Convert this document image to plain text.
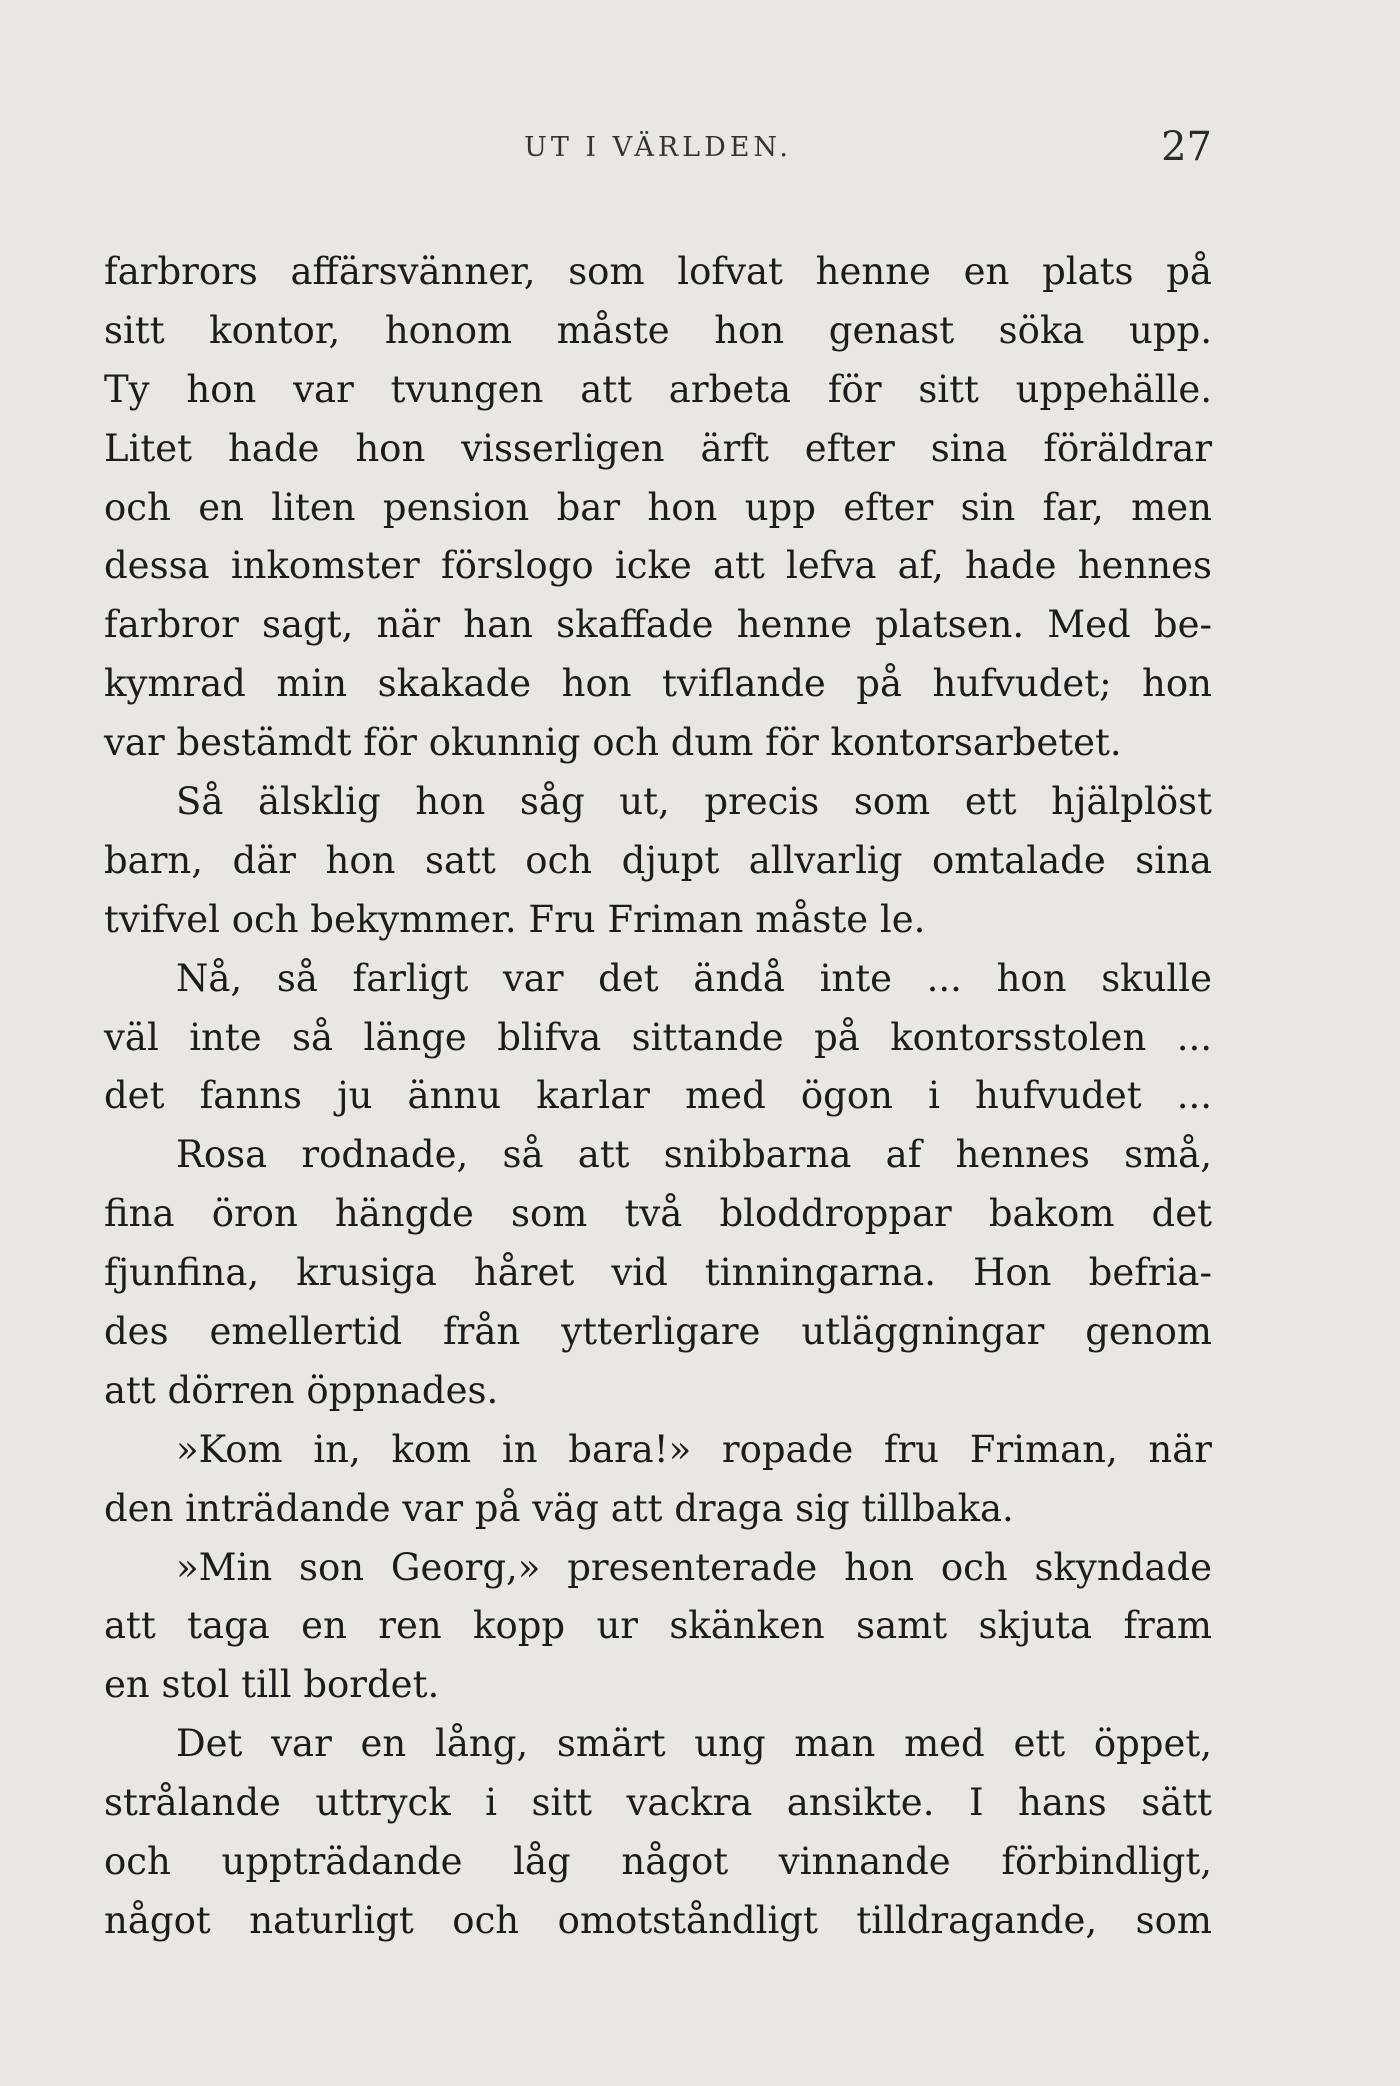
UT I VÄRLDEN.	27
farbrors affärsvänner, som lofvat henne en plats på
sitt kontor, honom måste hon genast söka upp.
Ty hon var tvungen att arbeta för sitt uppehälle.
Litet hade hon visserligen ärft efter sina föräldrar
och en liten pension bar hon upp efter sin far, men
dessa inkomster förslogo icke att lefva af, hade hennes
farbror sagt, när han skaffade henne platsen. Med be-
kymrad min skakade hon tviflande på hufvudet; hon
var bestämdt för okunnig och dum för kontorsarbetet.
Så älsklig hon såg ut, precis som ett hjälplöst
barn, där hon satt och djupt allvarlig omtalade sina
tvifvel och bekymmer. Fru Friman måste le.
Nå, så farligt var det ändå inte ... hon skulle
väl inte så länge blifva sittande på kontorsstolen ...
det fanns ju ännu karlar med ögon i hufvudet ...
Rosa rodnade, så att snibbarna af hennes små,
fina öron hängde som två bloddroppar bakom det
fjunfina, krusiga håret vid tinningarna. Hon befria-
des emellertid från ytterligare utläggningar genom
att dörren öppnades.
»Kom in, kom in bara!» ropade fru Friman, när
den inträdande var på väg att draga sig tillbaka.
»Min son Georg,» presenterade hon och skyndade
att taga en ren kopp ur skänken samt skjuta fram
en stol till bordet.
Det var en lång, smärt ung man med ett öppet,
strålande uttryck i sitt vackra ansikte. I hans sätt
och uppträdande låg något vinnande förbindligt,
något naturligt och omotståndligt tilldragande, som
